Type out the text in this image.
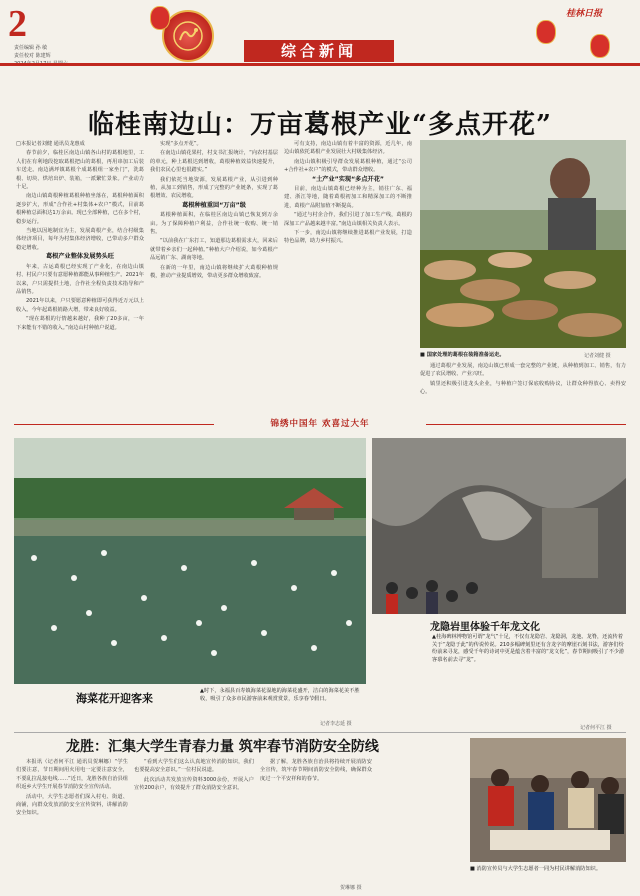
2
责任编辑 孙 敏
责任校对 陈建辉	综合新闻
桂林日报
临桂南边山：万亩葛根产业“多点开花”

□本报记者刘健 通讯员龙惠成

春节前夕，临桂区南边山镇各山村的葛根地里，工人们在有利地段挖取葛根把山的葛根，再用串加工后装车送走。南边满坪镇葛根个成葛根组一家坐门“，洗葛根、切块、烘培出炉、装箱，一派繁忙景象。产业动力十足。

南边山镇葛根种植葛根种植坐落在，葛根种植面积逐步扩大，形成“合作社+村集体+农户”模式，目前葛根种植总面积达1万余亩。现已全部种植，已在多个村，稳步运行。

当地以因地制宜为主，发展葛根产业，结合村级集体经济项目，每年为村集体经济增收，已带动多户群众稳定增收。

葛根产业整体发展势头旺

年来，古运葛根已经实现了产业化，在南边山镇村、村民户只要有意愿种植都能从事种植生产。2021年以来，户只需提供土地，合作社全程负责技术指导和产品销售。

2021年以来，户只要愿意种植即可获得近万元以上收入。今年起葛根销路大增，带来良好收益。

“现在葛根的行情越来越好，我种了20多亩，一年下来能有不错的收入。”南边山村种植户说道。

实现“多点开花”。

在南边山镇花果村，村支书汇报统计，“向农村基层的单元，种上葛根达到增收，葛根种植效益快速提升，我们农民心里也很踏实。”

我们依托当地资源，发展葛根产业，从引进到种植，从加工到销售，形成了完整的产业链条，实现了葛根增效、农民增收。

葛根种植重回“万亩”级

葛根种植面积，在临桂区南边山镇已恢复到万余亩。为了保障种植户利益，合作社统一收购、统一销售。

“以前我在广东打工，知道那边葛根需求大，回来后就带着乡亲们一起种植。”种植大户介绍说，如今葛根产品远销广东、湖南等地。

在新的一年里，南边山镇将继续扩大葛根种植规模，推动产业提质增效，带动更多群众增收致富。

可有支持，南边山镇有着丰富的资源，近几年，南边山镇依托葛根产业发展壮大村级集体经济。

南边山镇积极引导群众发展葛根种植，通过“公司+合作社+农户”的模式，带动群众增收。

“土产业”实现“多点开花”

目前，南边山镇葛根已经种为主，销往广东、福建、浙江等地，随着葛根初加工和精深加工的不断推进，葛根产品附加值不断提高。

“通过与村企合作，我们引进了加工生产线，葛根的深加工产品越来越丰富。”南边山镇相关负责人表示。

下一步，南边山镇将继续推进葛根产业发展，打造特色品牌，助力乡村振兴。

■ 国家处理的葛根在装箱准备运走。	记者刘健 摄

通过葛根产业发展，南边山镇已形成一套完整的产业链，从种植到加工、销售，有力促进了农民增收、产业兴旺。

镇里还积极引进龙头企业，与种植户签订保底收购协议，让群众种得放心、卖得安心。

锦绣中国年 欢喜过大年
海菜花开迎客来
▲时下，永福县百寿镇海菜花湿地的海菜花盛开，洁白的海菜花美不胜收，吸引了众多市民游客前来观赏赏景，乐享春节假日。
记者李志延 摄
龙隐岩里体验千年龙文化
▲桂海碑林博物馆可谓“龙气”十足，不仅有龙隐岩、龙隐洞，龙池、龙脊，还流传着关于“龙隐于此”的传说传说。210多幅碑刻里还有含龙字的摩崖石刻书法，游客们纷纷前来寻龙，感受千年的诗词中更是蕴含着丰富的“龙文化”，春节期间吸引了不少游客慕名前去寻“龙”。
记者何平江 摄
龙胜：汇集大学生青春力量 筑牢春节消防安全防线

本报讯（记者何平江 通讯员贺琳娜）“学生们要注意，节日期间用火用电一定要注意安全，不要乱拉乱接电线……”近日，龙胜各族自治县组织返乡大学生开展春节消防安全宣传活动。

活动中，大学生志愿者们深入村屯、街道、商铺，向群众发放消防安全宣传资料，讲解消防安全知识。

“看到大学生们这么认真地宣传消防知识，我们也要提高安全意识。”一位村民说道。

此次活动共发放宣传资料3000余份，开展入户宣传200余户，有效提升了群众消防安全意识。

据了解，龙胜各族自治县将持续开展消防安全宣传，筑牢春节期间消防安全防线，确保群众度过一个平安祥和的春节。

■ 消防宣传员与大学生志愿者一同为村民讲解消防知识。
贺琳娜 摄
